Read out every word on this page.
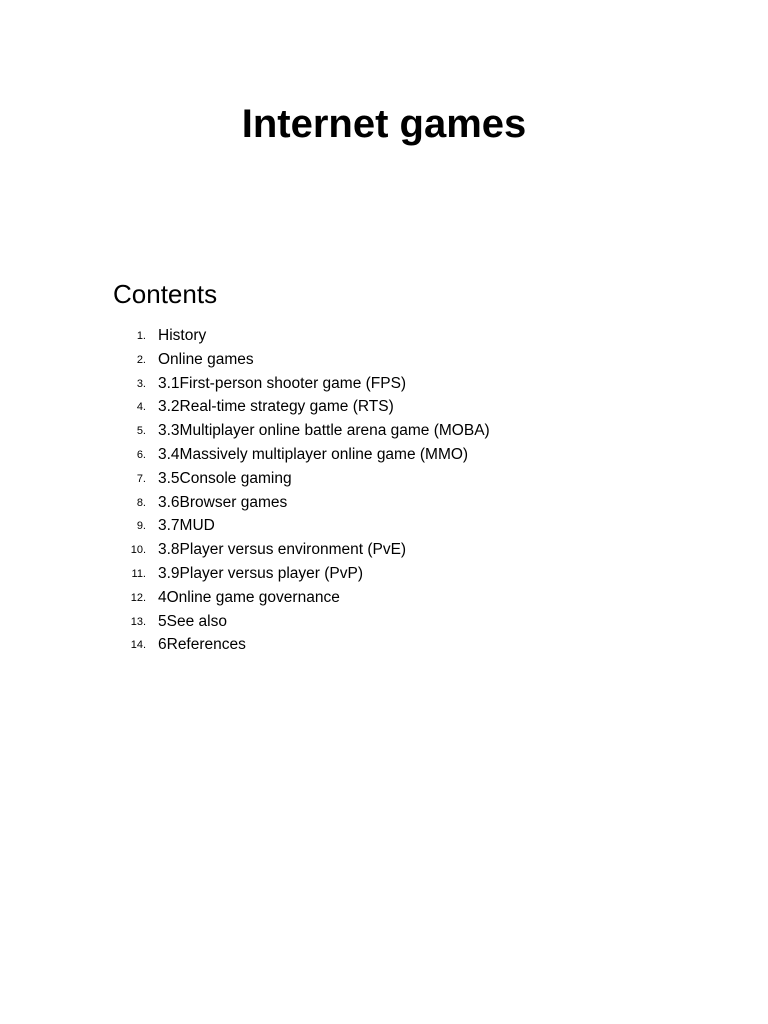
Internet games
Contents
1. History
2. Online games
3. 3.1First-person shooter game (FPS)
4. 3.2Real-time strategy game (RTS)
5. 3.3Multiplayer online battle arena game (MOBA)
6. 3.4Massively multiplayer online game (MMO)
7. 3.5Console gaming
8. 3.6Browser games
9. 3.7MUD
10. 3.8Player versus environment (PvE)
11. 3.9Player versus player (PvP)
12. 4Online game governance
13. 5See also
14. 6References
